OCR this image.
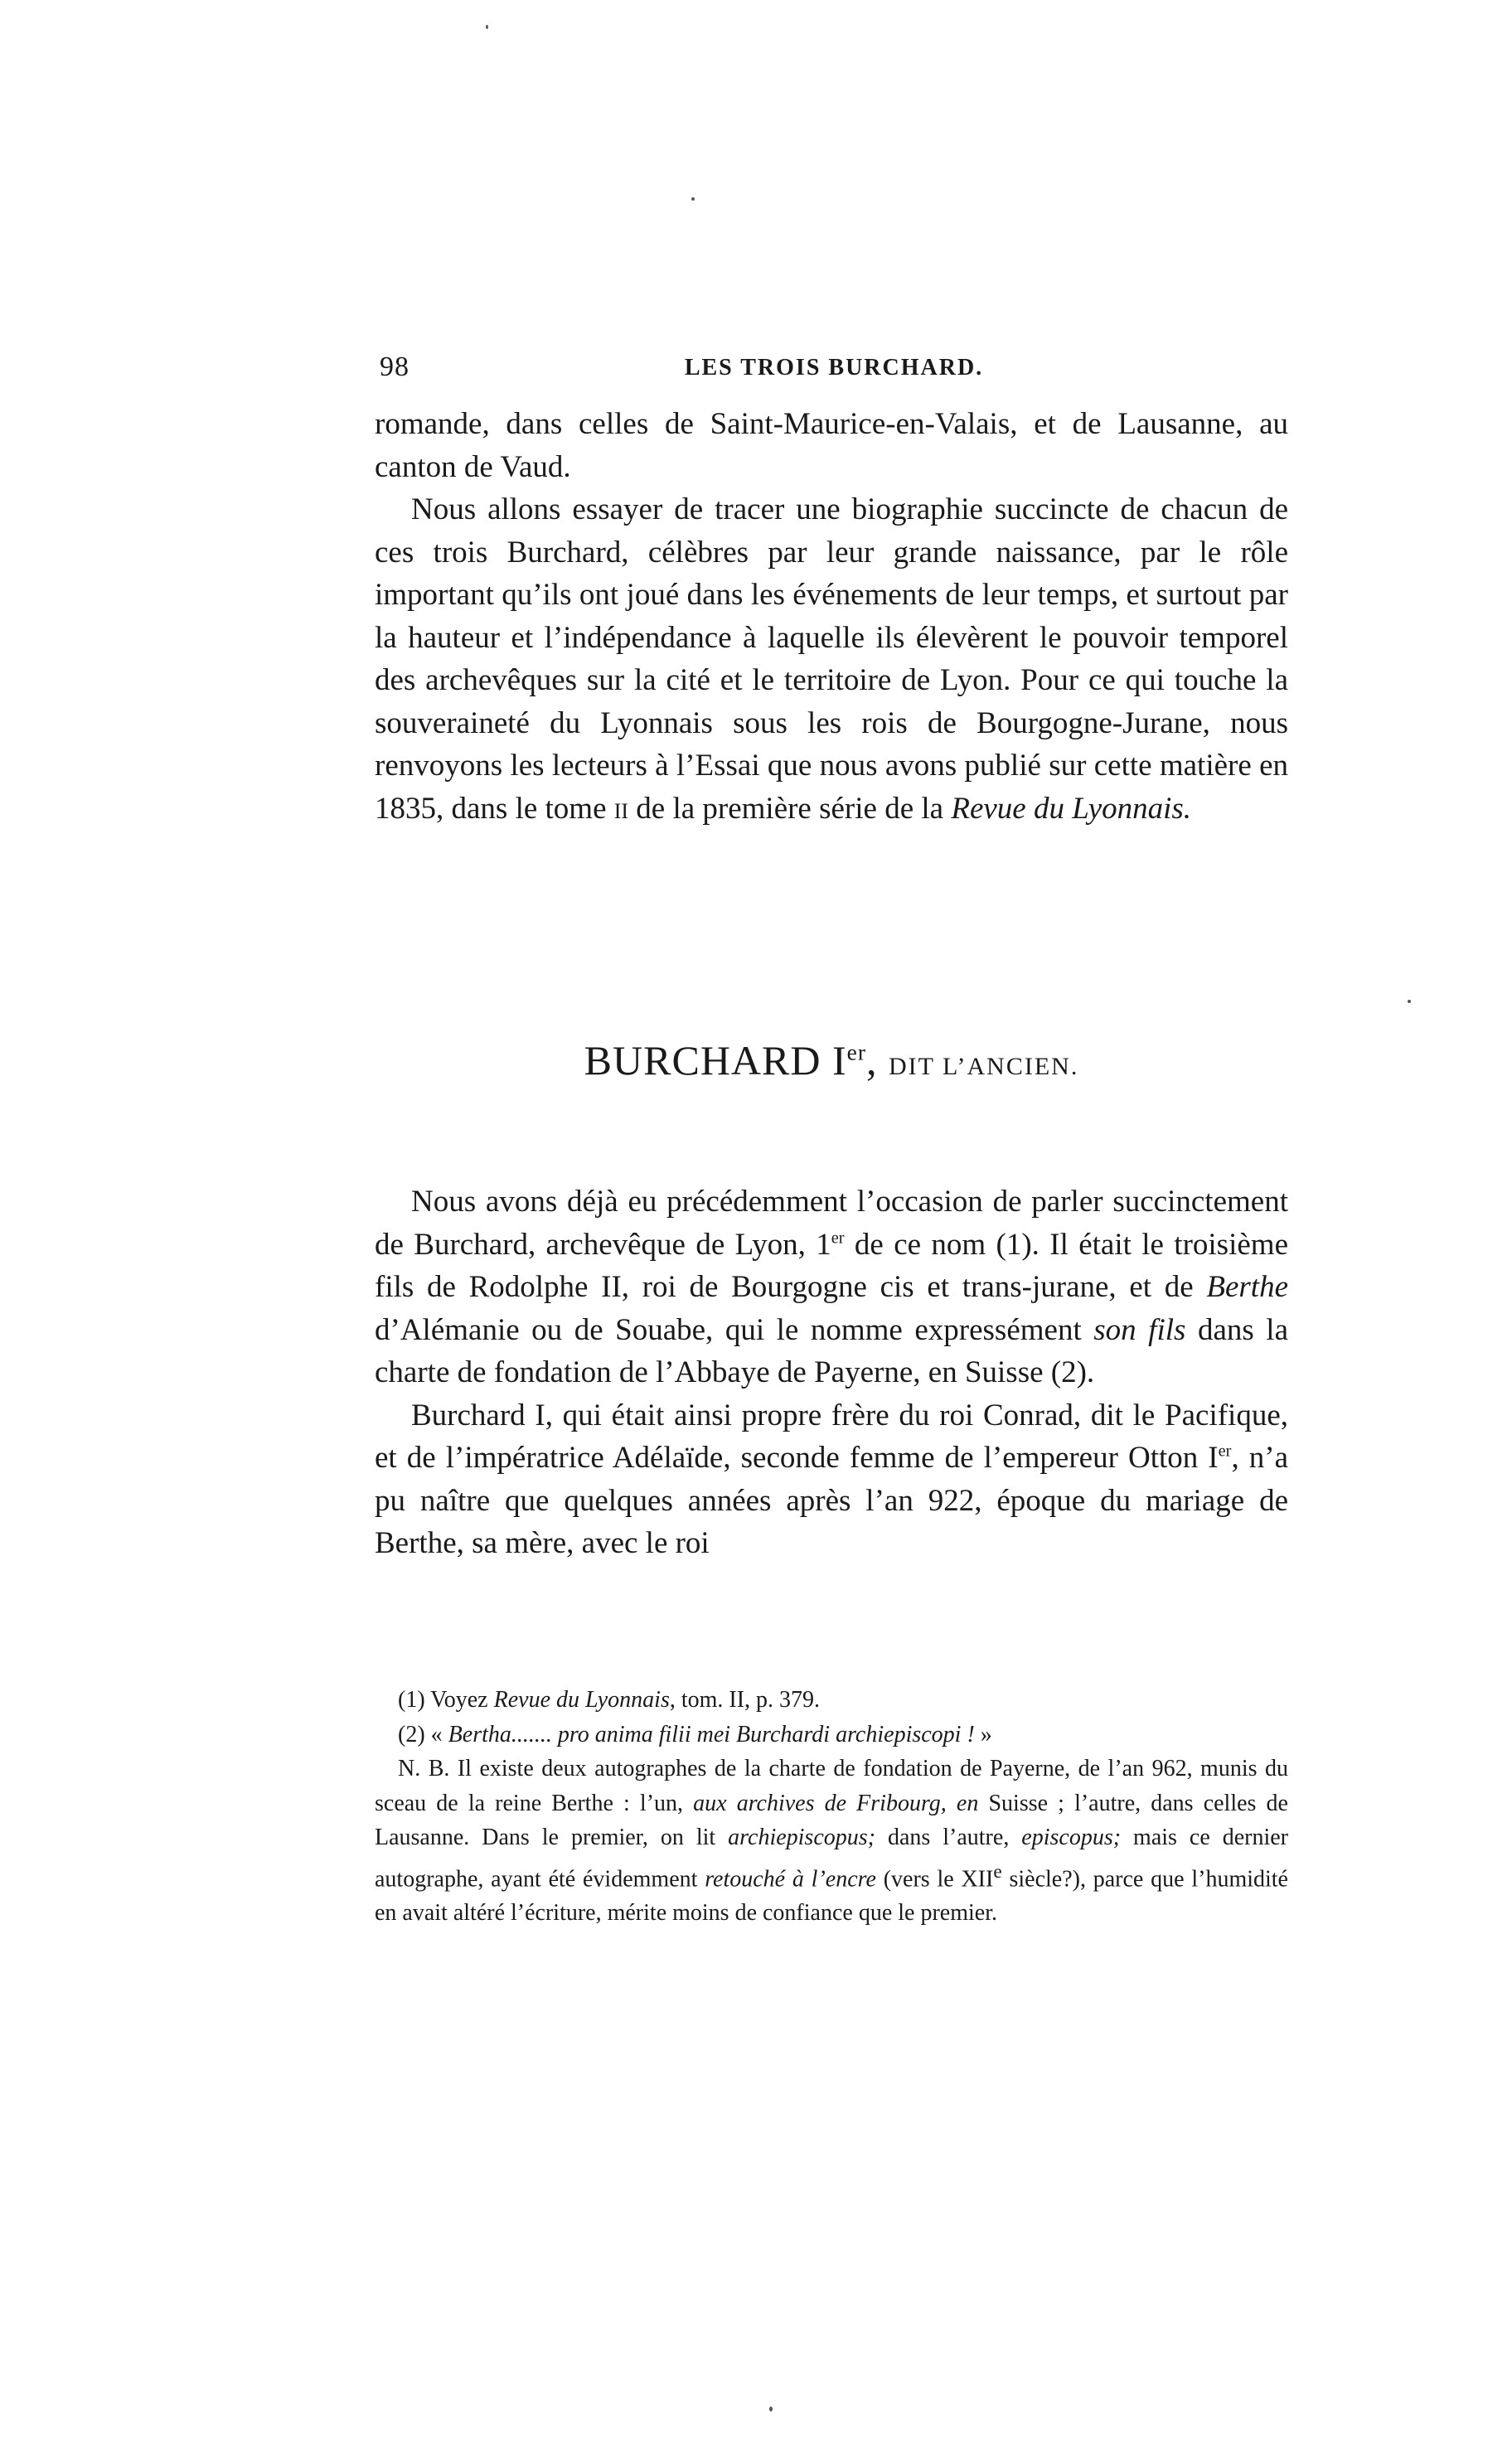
98	LES TROIS BURCHARD.

romande, dans celles de Saint-Maurice-en-Valais, et de Lausanne, au canton de Vaud.

Nous allons essayer de tracer une biographie succincte de chacun de ces trois Burchard, célèbres par leur grande naissance, par le rôle important qu’ils ont joué dans les événements de leur temps, et surtout par la hauteur et l’indépendance à laquelle ils élevèrent le pouvoir temporel des archevêques sur la cité et le territoire de Lyon. Pour ce qui touche la souveraineté du Lyonnais sous les rois de Bourgogne-Jurane, nous renvoyons les lecteurs à l’Essai que nous avons publié sur cette matière en 1835, dans le tome II de la première série de la Revue du Lyonnais.

BURCHARD Ier, DIT L’ANCIEN.

Nous avons déjà eu précédemment l’occasion de parler succinctement de Burchard, archevêque de Lyon, 1er de ce nom (1). Il était le troisième fils de Rodolphe II, roi de Bourgogne cis et trans-jurane, et de Berthe d’Alémanie ou de Souabe, qui le nomme expressément son fils dans la charte de fondation de l’Abbaye de Payerne, en Suisse (2).

Burchard I, qui était ainsi propre frère du roi Conrad, dit le Pacifique, et de l’impératrice Adélaïde, seconde femme de l’empereur Otton Ier, n’a pu naître que quelques années après l’an 922, époque du mariage de Berthe, sa mère, avec le roi

(1) Voyez Revue du Lyonnais, tom. II, p. 379.

(2) « Bertha....... pro anima filii mei Burchardi archiepiscopi ! »

N. B. Il existe deux autographes de la charte de fondation de Payerne, de l’an 962, munis du sceau de la reine Berthe : l’un, aux archives de Fribourg, en Suisse ; l’autre, dans celles de Lausanne. Dans le premier, on lit archiepiscopus; dans l’autre, episcopus; mais ce dernier autographe, ayant été évidemment retouché à l’encre (vers le XIIe siècle?), parce que l’humidité en avait altéré l’écriture, mérite moins de confiance que le premier.
